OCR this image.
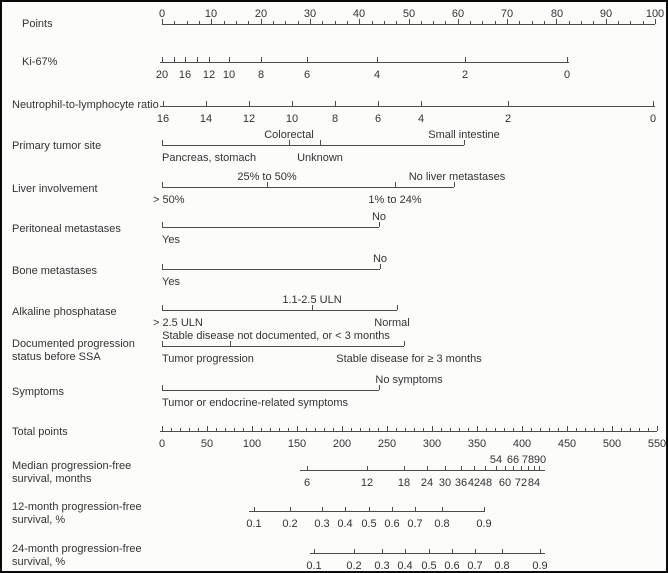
Points
0	10	20	30	40	50	60	70	80	90	100
Ki-67%
20 16 12 10 8	6	4	2	0
Neutrophil-to-lymphocyte ratio
16	14	12	10	8	6	4	2	0
Primary tumor site
Colorectal	Small intestine
Pancreas, stomach	Unknown
Liver involvement
25% to 50%	No liver metastases
> 50%	1% to 24%
Peritoneal metastases
No
Yes
Bone metastases
No
Yes
Alkaline phosphatase
1.1-2.5 ULN
> 2.5 ULN	Normal
Documented progression
status before SSA
Stable disease not documented, or < 3 months
Tumor progression	Stable disease for ≥ 3 months
Symptoms
No symptoms
Tumor or endocrine-related symptoms
Total points
0	50	100 150 200 250 300 350 400 450 500 550
Median progression-free
survival, months
54 66 78 90
6	12 18 24 30 36 42 48 60 72 84
12-month progression-free
survival, %	0.1 0.2 0.3 0.4 0.5 0.6 0.7 0.8 0.9
24-month progression-free
survival, %	0.1 0.2 0.3 0.4 0.5 0.6 0.7 0.8 0.9
